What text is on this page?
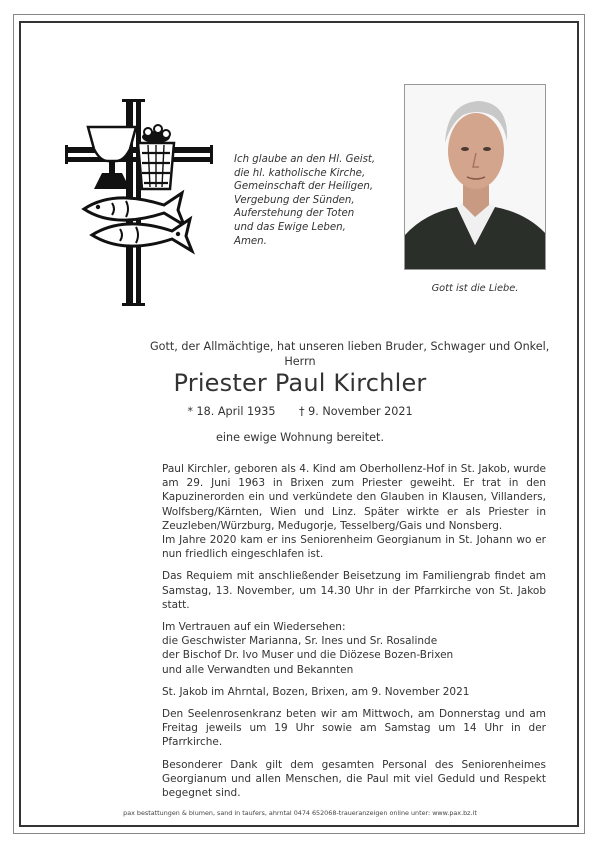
Ich glaube an den Hl. Geist,
die hl. katholische Kirche,
Gemeinschaft der Heiligen,
Vergebung der Sünden,
Auferstehung der Toten
und das Ewige Leben,
Amen.
Gott ist die Liebe.
Gott, der Allmächtige, hat unseren lieben Bruder, Schwager und Onkel,
Herrn
Priester Paul Kirchler
* 18. April 1935 † 9. November 2021
eine ewige Wohnung bereitet.

Paul Kirchler, geboren als 4. Kind am Oberhollenz-Hof in St. Jakob, wurde am 29. Juni 1963 in Brixen zum Priester geweiht. Er trat in den Kapuzinerorden ein und verkündete den Glauben in Klausen, Villanders, Wolfsberg/Kärnten, Wien und Linz. Später wirkte er als Priester in Zeuzleben/Würzburg, Međugorje, Tesselberg/Gais und Nonsberg.

Im Jahre 2020 kam er ins Seniorenheim Georgianum in St. Johann wo er nun friedlich eingeschlafen ist.

Das Requiem mit anschließender Beisetzung im Familiengrab findet am Samstag, 13. November, um 14.30 Uhr in der Pfarrkirche von St. Jakob statt.

Im Vertrauen auf ein Wiedersehen:
die Geschwister Marianna, Sr. Ines und Sr. Rosalinde
der Bischof Dr. Ivo Muser und die Diözese Bozen-Brixen
und alle Verwandten und Bekannten

St. Jakob im Ahrntal, Bozen, Brixen, am 9. November 2021

Den Seelenrosenkranz beten wir am Mittwoch, am Donnerstag und am Freitag jeweils um 19 Uhr sowie am Samstag um 14 Uhr in der Pfarrkirche.

Besonderer Dank gilt dem gesamten Personal des Seniorenheimes Georgianum und allen Menschen, die Paul mit viel Geduld und Respekt begegnet sind.

pax bestattungen & blumen, sand in taufers, ahrntal 0474 652068-traueranzeigen online unter: www.pax.bz.it
